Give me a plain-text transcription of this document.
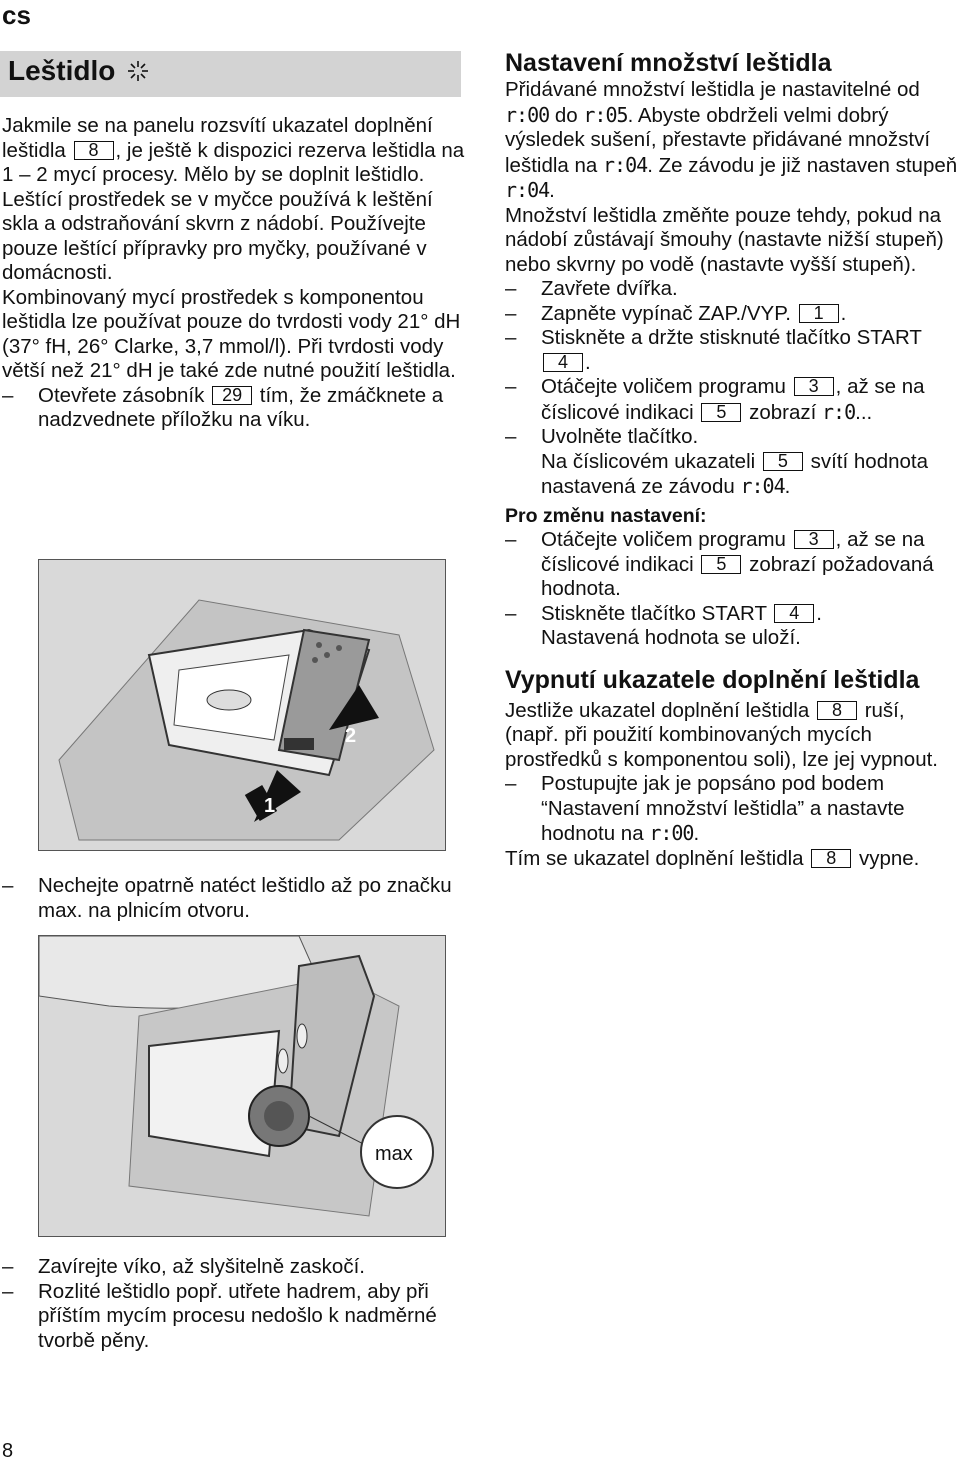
cs
Leštidlo

Jakmile se na panelu rozsvítí ukazatel doplnění leštidla 8 , je ještě k dispozici rezerva leštidla na 1 – 2 mycí procesy. Mělo by se doplnit leštidlo.

Leštící prostředek se v myčce používá k leštění skla a odstraňování skvrn z nádobí. Používejte pouze leštící přípravky pro myčky, používané v domácnosti.

Kombinovaný mycí prostředek s komponentou leštidla lze používat pouze do tvrdosti vody 21° dH (37° fH, 26° Clarke, 3,7 mmol/l). Při tvrdosti vody větší než 21° dH je také zde nutné použití leštidla.

–	Otevřete zásobník 29 tím, že zmáčknete a nadzvednete příložku na víku.
1
2
–	Nechejte opatrně natéct leštidlo až po značku max. na plnicím otvoru.
max
–	Zavírejte víko, až slyšitelně zaskočí.
–	Rozlité leštidlo popř. utřete hadrem, aby při příštím mycím procesu nedošlo k nadměrné tvorbě pěny.

Nastavení množství leštidla

Přidávané množství leštidla je nastavitelné od r:00 do r:05. Abyste obdrželi velmi dobrý výsledek sušení, přestavte přidávané množství leštidla na r:04. Ze závodu je již nastaven stupeň r:04.

Množství leštidla změňte pouze tehdy, pokud na nádobí zůstávají šmouhy (nastavte nižší stupeň) nebo skvrny po vodě (nastavte vyšší stupeň).

–	Zavřete dvířka.
–	Zapněte vypínač ZAP./VYP. 1 .
–	Stiskněte a držte stisknuté tlačítko START 4 .
–	Otáčejte voličem programu 3 , až se na číslicové indikaci 5 zobrazí r:0...
–	Uvolněte tlačítko.
Na číslicovém ukazateli 5 svítí hodnota nastavená ze závodu r:04.

Pro změnu nastavení:

–	Otáčejte voličem programu 3 , až se na číslicové indikaci 5 zobrazí požadovaná hodnota.
–	Stiskněte tlačítko START 4 .
Nastavená hodnota se uloží.

Vypnutí ukazatele doplnění leštidla

Jestliže ukazatel doplnění leštidla 8 ruší, (např. při použití kombinovaných mycích prostředků s komponentou soli), lze jej vypnout.

–	Postupujte jak je popsáno pod bodem “Nastavení množství leštidla” a nastavte hodnotu na r:00.

Tím se ukazatel doplnění leštidla 8 vypne.

8
